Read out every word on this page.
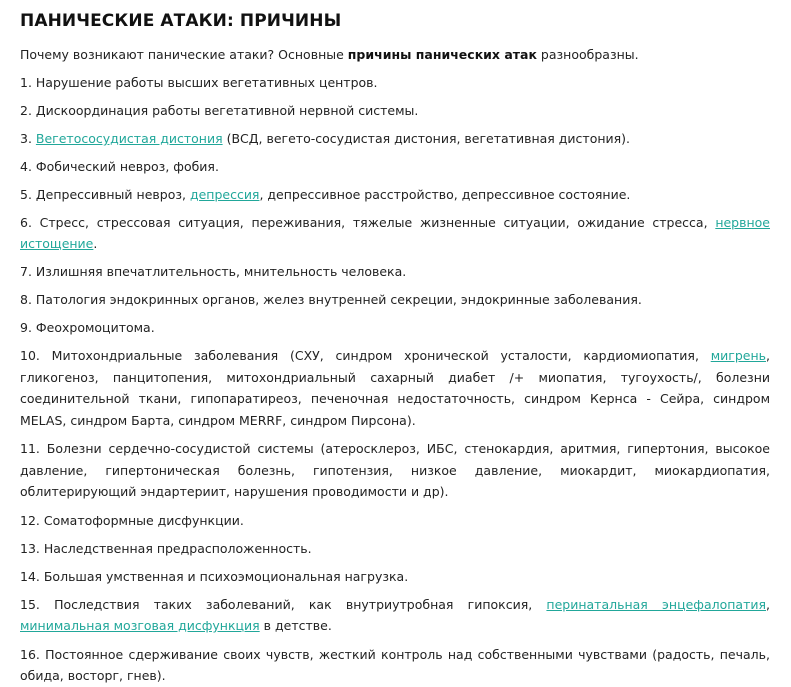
ПАНИЧЕСКИЕ АТАКИ: ПРИЧИНЫ

Почему возникают панические атаки? Основные причины панических атак разнообразны.

1. Нарушение работы высших вегетативных центров.

2. Дискоординация работы вегетативной нервной системы.

3. Вегетососудистая дистония (ВСД, вегето-сосудистая дистония, вегетативная дистония).

4. Фобический невроз, фобия.

5. Депрессивный невроз, депрессия, депрессивное расстройство, депрессивное состояние.

6. Стресс, стрессовая ситуация, переживания, тяжелые жизненные ситуации, ожидание стресса, нервное истощение.

7. Излишняя впечатлительность, мнительность человека.

8. Патология эндокринных органов, желез внутренней секреции, эндокринные заболевания.

9. Феохромоцитома.

10. Митохондриальные заболевания (СХУ, синдром хронической усталости, кардиомиопатия, мигрень, гликогеноз, панцитопения, митохондриальный сахарный диабет /+ миопатия, тугоухость/, болезни соединительной ткани, гипопаратиреоз, печеночная недостаточность, синдром Кернса - Сейра, синдром MELAS, синдром Барта, синдром MERRF, синдром Пирсона).

11. Болезни сердечно-сосудистой системы (атеросклероз, ИБС, стенокардия, аритмия, гипертония, высокое давление, гипертоническая болезнь, гипотензия, низкое давление, миокардит, миокардиопатия, облитерирующий эндартериит, нарушения проводимости и др).

12. Соматоформные дисфункции.

13. Наследственная предрасположенность.

14. Большая умственная и психоэмоциональная нагрузка.

15. Последствия таких заболеваний, как внутриутробная гипоксия, перинатальная энцефалопатия, минимальная мозговая дисфункция в детстве.

16. Постоянное сдерживание своих чувств, жесткий контроль над собственными чувствами (радость, печаль, обида, восторг, гнев).
